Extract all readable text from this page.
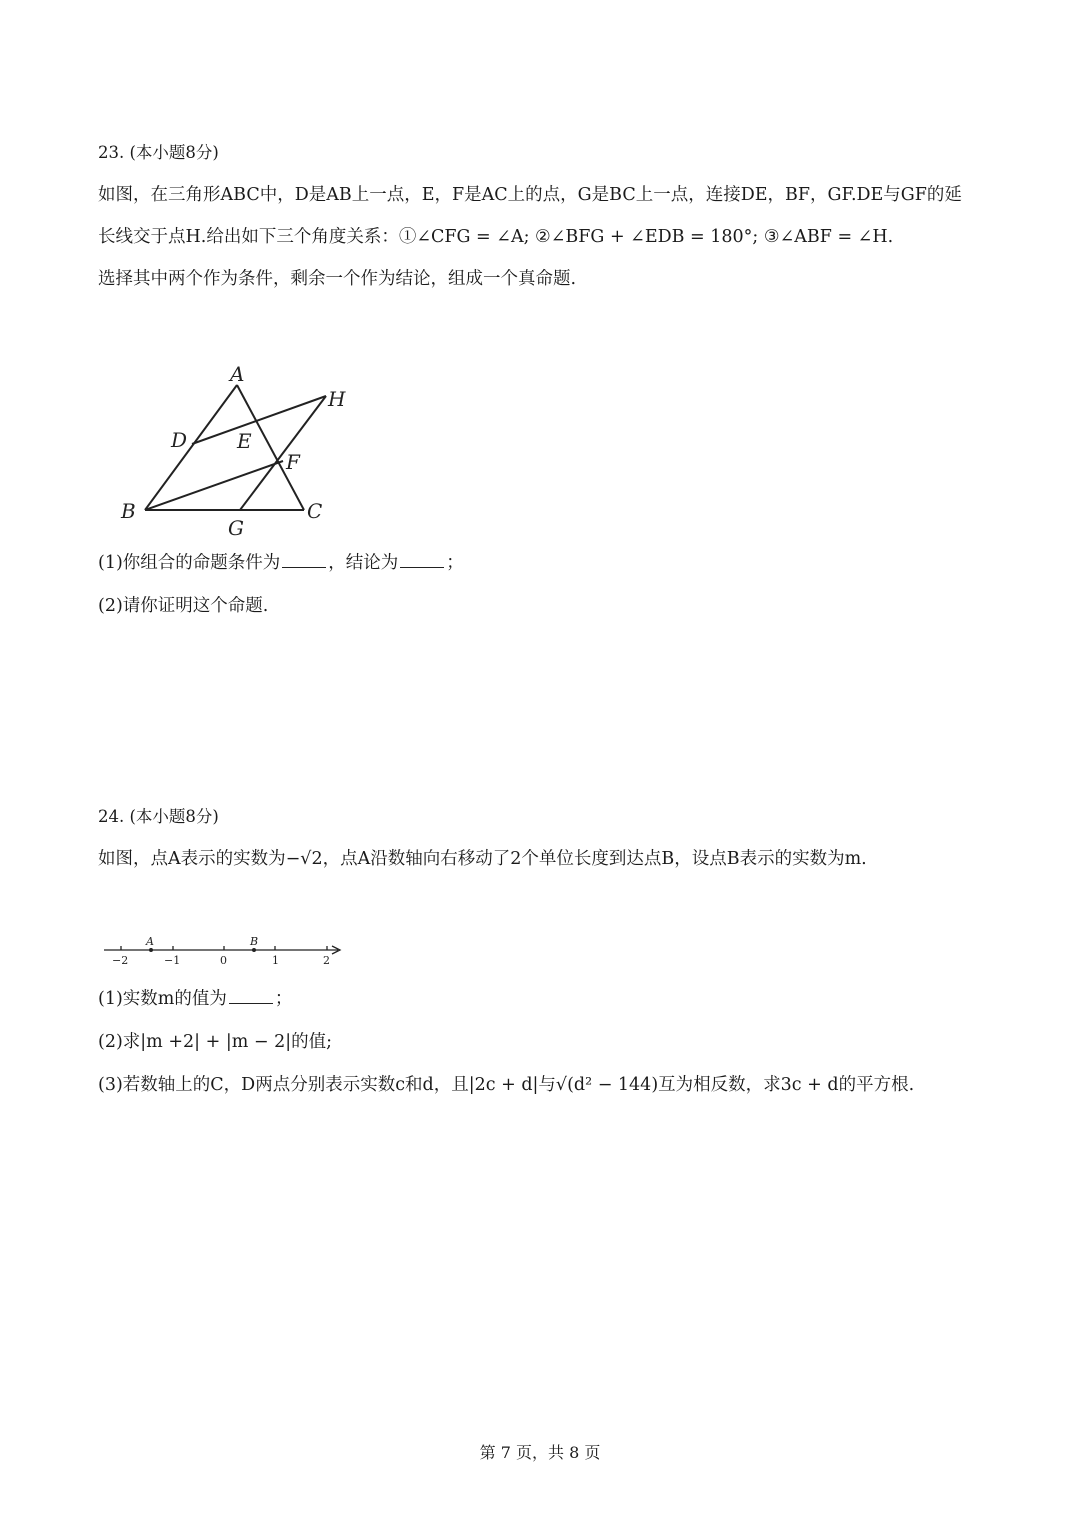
23. (本小题8分)
如图，在三角形ABC中，D是AB上一点，E，F是AC上的点，G是BC上一点，连接DE，BF，GF.DE与GF的延
长线交于点H.给出如下三个角度关系：①∠CFG = ∠A; ②∠BFG + ∠EDB = 180°; ③∠ABF = ∠H.
选择其中两个作为条件，剩余一个作为结论，组成一个真命题.
A
H
D E
F
B
G
C
(1)你组合的命题条件为	，结论为	；
(2)请你证明这个命题.
24. (本小题8分)
如图，点A表示的实数为−√2，点A沿数轴向右移动了2个单位长度到达点B，设点B表示的实数为m.
A	B
−2	−1	0	1	2
(1)实数m的值为	；
(2)求|m +2| + |m − 2|的值;
(3)若数轴上的C，D两点分别表示实数c和d，且|2c + d|与√(d² − 144)互为相反数，求3c + d的平方根.
第 7 页，共 8 页
